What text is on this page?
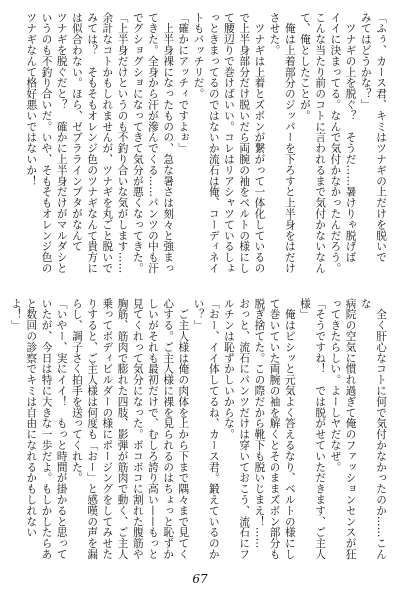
「ふぅ、カース君、キミはツナギの上だけを脱いで
みてはどうかな？」
　ツナギの上を脱ぐ？　そうだ……暑けりゃ脱げば
イイに決まってる。なんで気付かなかったんだろう。
こんな当たり前のコトに言われるまで気付かないなんて、俺としたことが。
　俺は上着部分のジッパーを下ろすと上半身をはだけさせた。
　ツナギは上着とズボンが繋がって一体化しているので上半身部分だけ脱いだら両腕の袖をベルトの様にして腰辺りで巻けばいい。コレはリアシャツているしょ
っときまってるのではないか流石は俺、コーディネイトもバッチリだ。
「確かにアッチィですよぉ」
　上半身裸になったものの、急な暑さは刻々と強まってきた。全身から汗が滲んでくる……パンツの中も汗でグショグショになってきて気分が悪くなってきた。
「上半身だけというのも不釣り合いな気がします……余計なコトかもしれませんが、ツナギを丸ごと脱いで
みては？　そもそもオレンジ色のツナギなんて貴方には似合わない。ほら、ゼブララインプタがなんて
ツナギを脱ぐだと？　確かに上半身だけがマルダシというのも不釣り合いだ。いや、そもそもオレンジ色のツナギなんて格好悪いではないか！
　全く肝心なコトに何で気付かなかったのか……こんな
病院の空気に慣れ過ぎて俺のファッションセンスが狂ってきたらしい。よーしヤだなぜ。
「そうですね！　では脱がせていただきます、ご主人
様」
　俺はピシッと元気よく答えるなり、ベルトの様にし
て巻いていた両腕の袖を解くとそのままズボン部分も脱ぎ捨てた。この際だから靴下も脱いじまえ！……
おっと、流石にパンツだけは穿いておこう、流石にフ
ルチンは恥ずかしいからな。
「おー、イイ体してるね、カース君。鍛えているのかい？」
　ご主人様は俺の肉体を上から下まで隅々まで見てく
心する。ご主人様に裸を見られるのはちょっと恥ずかしいがそれも最初だけで、むしろ誇り高い——もっと見てくれって気分になった。ボコボコに割れた腹筋や胸筋、筋肉で膨れた四肢、影弾が筋肉で動く、ご主人
乗ってボディビルダーの様にポージングをしてみせたりすると、ご主人様は何度も「おー」と感嘆の声を漏らし、調子さく拍手を送ってくれた。
「いやー、実にイイ！　もっと時間が掛かると思っていたが、今日は特に大きな一歩だよ。もしかしたらあと数回の診察でキミは自由になれるかもしれないよ！」
67
